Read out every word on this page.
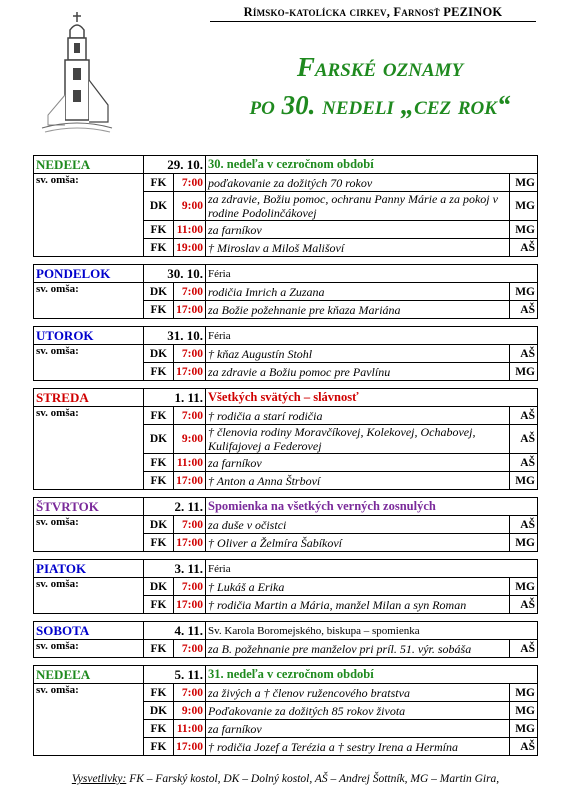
Rímsko-katolícka cirkev, Farnosť PEZINOK
Farské oznamy
po 30. nedeli „cez rok“
NEDEĽA	29. 10.		30. nedeľa v cezročnom období	
sv. omša:	FK	7:00	poďakovanie za dožitých 70 rokov	MG
	DK	9:00	za zdravie, Božiu pomoc, ochranu Panny Márie a za pokoj v rodine Podolinčákovej	MG
	FK	11:00	za farníkov	MG
	FK	19:00	† Miroslav a Miloš Mališoví	AŠ
PONDELOK	30. 10.		Féria	
sv. omša:	DK	7:00	rodičia Imrich a Zuzana	MG
	FK	17:00	za Božie požehnanie pre kňaza Mariána	AŠ
UTOROK	31. 10.		Féria	
sv. omša:	DK	7:00	† kňaz Augustín Stohl	AŠ
	FK	17:00	za zdravie a Božiu pomoc pre Pavlínu	MG
STREDA	1. 11.		Všetkých svätých – slávnosť	
sv. omša:	FK	7:00	† rodičia a starí rodičia	AŠ
	DK	9:00	† členovia rodiny Moravčíkovej, Kolekovej, Ochabovej, Kulifajovej a Federovej	AŠ
	FK	11:00	za farníkov	AŠ
	FK	17:00	† Anton a Anna Štrboví	MG
ŠTVRTOK	2. 11.		Spomienka na všetkých verných zosnulých	
sv. omša:	DK	7:00	za duše v očistci	AŠ
	FK	17:00	† Oliver a Želmíra Šabíkoví	MG
PIATOK	3. 11.		Féria	
sv. omša:	DK	7:00	† Lukáš a Erika	MG
	FK	17:00	† rodičia Martin a Mária, manžel Milan a syn Roman	AŠ
SOBOTA	4. 11.		Sv. Karola Boromejského, biskupa – spomienka	
sv. omša:	FK	7:00	za B. požehnanie pre manželov pri príl. 51. výr. sobáša	AŠ
NEDEĽA	5. 11.		31. nedeľa v cezročnom období	
sv. omša:	FK	7:00	za živých a † členov ružencového bratstva	MG
	DK	9:00	Poďakovanie za dožitých 85 rokov života	MG
	FK	11:00	za farníkov	MG
	FK	17:00	† rodičia Jozef a Terézia a † sestry Irena a Hermína	AŠ
Vysvetlivky: FK – Farský kostol, DK – Dolný kostol, AŠ – Andrej Šottník, MG – Martin Gira,
